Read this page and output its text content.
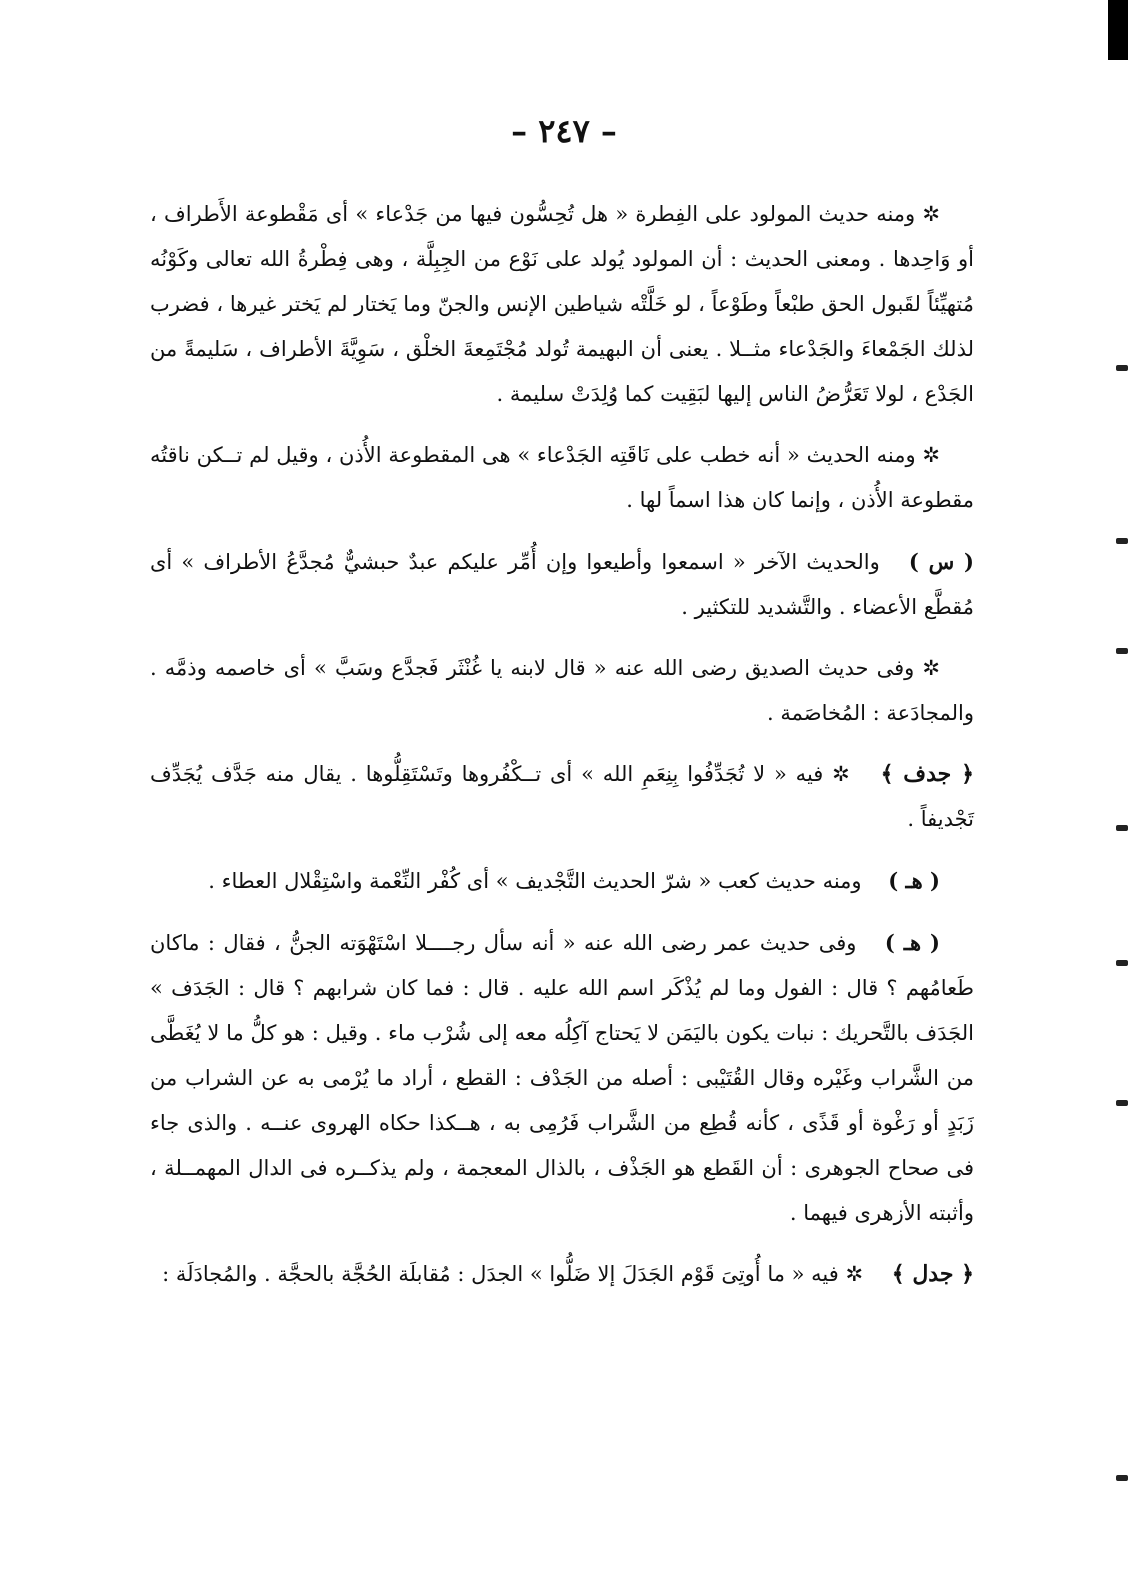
– ٢٤٧ –

✲ ومنه حديث المولود على الفِطرة « هل تُحِسُّون فيها من جَدْعاء » أى مَقْطوعة الأَطراف ، أو وَاحِدها . ومعنى الحديث : أن المولود يُولد على نَوْع من الجِبِلَّة ، وهى فِطْرةُ الله تعالى وكَوْنُه مُتهيِّئاً لقَبول الحق طبْعاً وطَوْعاً ، لو خَلَّتْه شياطين الإنس والجنّ وما يَختار لم يَختر غيرها ، فضرب لذلك الجَمْعاءَ والجَدْعاء مثــلا . يعنى أن البهيمة تُولد مُجْتَمِعةَ الخلْق ، سَوِيَّةَ الأطراف ، سَليمةً من الجَدْع ، لولا تَعَرُّضُ الناس إليها لبَقِيت كما وُلِدَتْ سليمة .

✲ ومنه الحديث « أنه خطب على نَاقَتِه الجَدْعاء » هى المقطوعة الأُذن ، وقيل لم تــكن ناقتُه مقطوعة الأُذن ، وإنما كان هذا اسماً لها .

( س ) والحديث الآخر « اسمعوا وأطيعوا وإن أُمِّر عليكم عبدٌ حبشيٌّ مُجدَّعُ الأطراف » أى مُقطَّع الأعضاء . والتَّشديد للتكثير .

✲ وفى حديث الصديق رضى الله عنه « قال لابنه يا غُنْثَر فَجدَّع وسَبَّ » أى خاصمه وذمَّه . والمجادَعة : المُخاصَمة .

﴿ جدف ﴾ ✲ فيه « لا تُجَدِّفُوا بِنِعَمِ الله » أى تــكْفُروها وتَسْتَقِلُّوها . يقال منه جَدَّف يُجَدِّف تَجْديفاً .

( هـ ) ومنه حديث كعب « شرّ الحديث التَّجْديف » أى كُفْر النِّعْمة واسْتِقْلال العطاء .

( هـ ) وفى حديث عمر رضى الله عنه « أنه سأل رجــــلا اسْتَهْوَته الجنُّ ، فقال : ماكان طَعامُهم ؟ قال : الفول وما لم يُذْكَر اسم الله عليه . قال : فما كان شرابهم ؟ قال : الجَدَف » الجَدَف بالتَّحريك : نبات يكون باليَمَن لا يَحتاج آكِلُه معه إلى شُرْب ماء . وقيل : هو كلُّ ما لا يُغَطَّى من الشَّراب وغَيْره وقال القُتَيْبى : أصله من الجَدْف : القطع ، أراد ما يُرْمى به عن الشراب من زَبَدٍ أو رَغْوة أو قَذًى ، كأنه قُطِع من الشَّراب فَرُمِى به ، هــكذا حكاه الهروى عنــه . والذى جاء فى صحاح الجوهرى : أن القَطع هو الجَذْف ، بالذال المعجمة ، ولم يذكــره فى الدال المهمــلة ، وأثبته الأزهرى فيهما .

﴿ جدل ﴾ ✲ فيه « ما أُوتِىَ قَوْم الجَدَلَ إلا ضَلُّوا » الجدَل : مُقابلَة الحُجَّة بالحجَّة . والمُجادَلَة :
